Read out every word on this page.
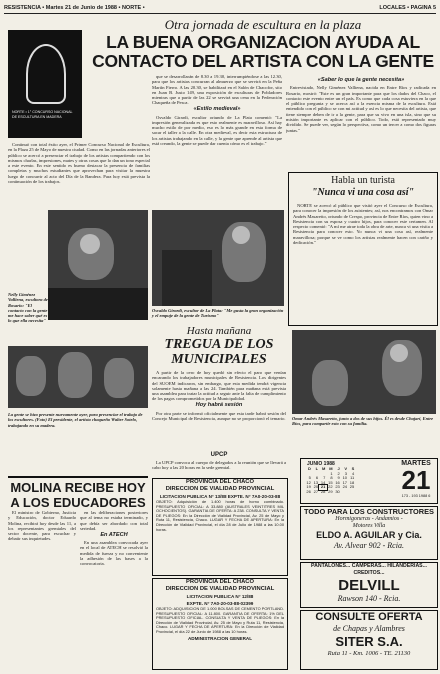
RESISTENCIA • Martes 21 de Junio de 1988 • NORTE •	LOCALES • PAGINA 5
NORTE • 1° CONCURSO NACIONAL DE ESCULTURA EN MADERA
Otra jornada de escultura en la plaza
LA BUENA ORGANIZACION AYUDA AL
CONTACTO DEL ARTISTA CON LA GENTE

Continuó con total éxito ayer, el Primer Concurso Nacional de Escultura, en la Plaza 25 de Mayo de nuestra ciudad. Como en las jornadas anteriores el público se acercó a presenciar el trabajo de los artistas compartiendo con los mismos charlas, impresiones, mates y otras cosas que lo dan un tono especial a este evento. En este sentido es bueno destacar la presencia de familias completas y muchos estudiantes que aprovechan para visitar la muestra luego de concurrir al acto del Día de la Bandera. Para hoy está prevista la continuación de los trabajos.

que se desarrollarán de 8.30 a 19.30, interrumpiéndose a las 12.30, para que los artistas concurran al almuerzo que se servirá en la Peña Martín Fierro. A las 20.30, se habilitará en el Salón de Chacofor, sito en Juan B. Justo 149, una exposición de esculturas de Pobladores mientras que a partir de las 22 se servirá una cena en la Federación Chaqueña de Pesca.

«Estilo medieval»

Osvaldo Girardi, escultor oriundo de La Plata comentó: "La impresión generalizada es que esto realmente es maravilloso. Así hay mucho estilo de por medio, eso es lo más grande en esta forma de sacar el taller a la calle. En otra medieval, es decir esta estructura de los artistas trabajando en la calle, y la gente que aprende al artista que está creando, la gente se puede dar cuenta cómo es el trabajo."

«Saber lo que la gente necesita»

Entrevistado, Nelly Giménez Valliena, nacida en Entre Ríos y radicada en Rosario, mostró: "Este es un gran importante para que los dados del Chaco, el contacto este evento entre un el país. Es como que cada cosa estuviera en la que el público pregunta y se acerca así a la esencia misma de la escultura. Está entendido con el público se con mi actitud y así es lo que necesita del artista, que tiene siempre deben de ir a la gente, para que su vivo en una isla, sino que su misión importante es aplicar con el público. Todo, está representado muy dividido. Se puede ver, según lo perspectiva, como un tercer a como dos figuras juntas."

Nelly Giménez Valliena, escultora de Rosario: "El contacto con la gente me hace saber qué es lo que ella necesita"
Osvaldo Girardi, escultor de La Plata: "Me gusta la gran organización y el empuje de la gente de Turismo"
La gente se hizo presente nuevamente ayer, para presenciar el trabajo de los escultores. (Foto) El presidente, el artista chaqueño Walter Sotelo, trabajando en su madera.
Habla un turista
"Nunca vi una cosa así"

NORTE se acercó al público que visitó ayer el Concurso de Escultura, para conocer la impresión de los asistentes; así, nos encontramos con Omar Andrés Masaretto, oriundo de Crespo, provincia de Entre Ríos, quien vino a Resistencia con su esposa y cuatro hijos, para conocer este certamen. Al respecto comentó: "A mí me atrae toda la obra de arte, nunca vi una visita a Resistencia para conocer esto. Yo nunca vi una cosa así, realmente maravillosa; porque se ve como los artistas realmente hacen con cariño y dedicación."

Omar Andrés Masaretto, junto a dos de sus hijos. Él es desde Chajarí, Entre Ríos, para compartir esto con su familia.
Hasta mañana
TREGUA DE LOS
MUNICIPALES

A partir de la cero de hoy quedó sin efecto el paro que venían encarando los trabajadores municipales de Resistencia. Los dirigentes del SUOEM indicaron, sin embargo, que esta medida tendrá vigencia solamente hasta mañana a las 24. También para mañana está prevista una asamblea para tratar la actitud a seguir ante la falta de cumplimiento de los pagos comprometidos por la Municipalidad.

Hoy habrá sesión

Por otra parte se informó oficialmente que esta tarde habrá sesión del Concejo Municipal de Resistencia, aunque no se proporcionó el temario.

UPCP

La UPCP convoca al cuerpo de delegados a la reunión que se llevará a cabo hoy a las 20 horas en la sede gremial.

MOLINA RECIBE HOY A LOS EDUCADORES

El ministro de Gobierno, Justicia y Educación, doctor Eduardo Molina, recibirá hoy desde las 11, a los representantes gremiales del sector docente, para escuchar y debatir sus inquietudes.

en las deliberaciones posteriores que al tema no estaba terminado, y que debía ser abordado con total seriedad.

En ATECH

En una asamblea convocada ayer en el local de ATECH se resolvió la medida de fuerza y no conveniente la adhesión de las bases a la convocatoria.

PROVINCIA DEL CHACO
DIRECCION DE VIALIDAD PROVINCIAL
LICITACION PUBLICA N° 13/88 EXPTE. N° 7A0-20-03-88
OBJETO: Adquisición de 1.400 horas de horno combinado. PRESUPUESTO OFICIAL: A 33.880 (AUSTRALES VEINTITRES MIL OCHOCIENTOS). GARANTIA DE OFERTA: A 238. CONSULTA Y VENTA DE PLIEGOS: En la Dirección de Vialidad Provincial, Av. 25 de Mayo y Ruta 11, Resistencia, Chaco. LUGAR Y FECHA DE APERTURA: En la Dirección de Vialidad Provincial, el día 28 de Julio de 1988 a las 10.00 horas.
PROVINCIA DEL CHACO
DIRECCION DE VIALIDAD PROVINCIAL
LICITACION PUBLICA N° 12/88
EXPTE. N° 7A0-20-03-88-02399
OBJETO: ADQUISICION DE 1.000 BOLSAS DE CEMENTO PORTLAND. PRESUPUESTO OFICIAL: A 11.800. GARANTIA DE OFERTA: 1% DEL PRESUPUESTO OFICIAL. CONSULTA Y VENTA DE PLIEGOS: En la Dirección de Vialidad Provincial, Av. 25 de Mayo y Ruta 11, Resistencia, Chaco. LUGAR Y FECHA DE APERTURA: En la Dirección de Vialidad Provincial, el día 22 de Junio de 1988 a las 10 horas.
ADMINISTRACION GENERAL
JUNIO 1988
D	L	M	M	J	V	S
			1	2	3	4
5	6	7	8	9	10	11
12	13	14	15	16	17	18
19	20	21	22	23	24	25
26	27	28	29	30		
MARTES
21
173 - 193 1988 6
TODO PARA LOS CONSTRUCTORES
Hormigoneras - Andamios -
Motores Villa
ELDO A. AGUILAR y Cia.
Av. Alvear 902 - Rcia.
PANTALONES... CAMPERAS... HILANDERIAS... CREDITOS...
DELVILL
Rawson 140 - Rcia.
CONSULTE OFERTA
de Chapas y Alambres
SITER S.A.
Ruta 11 - Km. 1006 - TE. 21130
